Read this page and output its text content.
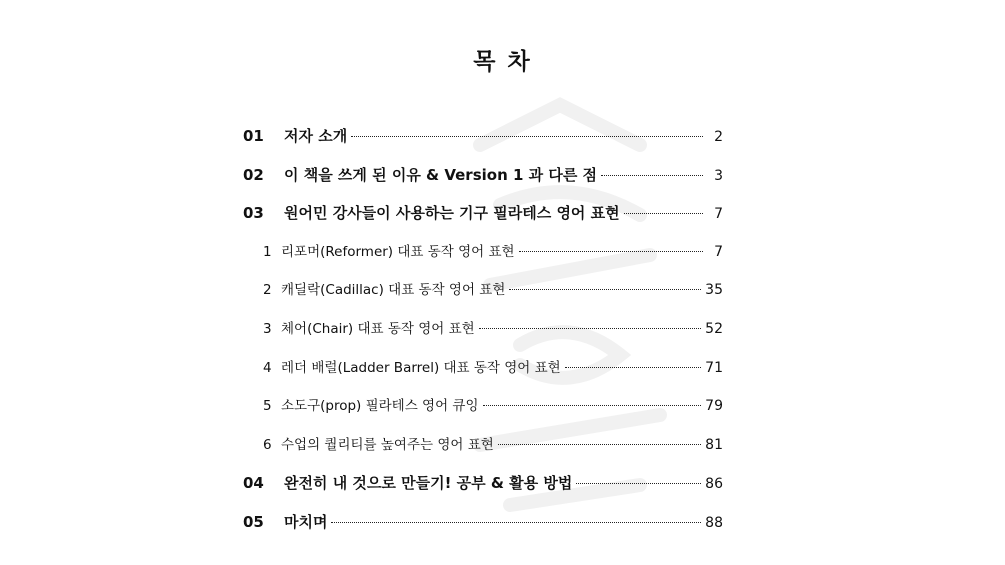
목 차
01	저자 소개	2
02	이 책을 쓰게 된 이유 & Version 1 과 다른 점	3
03	원어민 강사들이 사용하는 기구 필라테스 영어 표현	7
1 리포머(Reformer) 대표 동작 영어 표현	7
2 캐딜락(Cadillac) 대표 동작 영어 표현	35
3 체어(Chair) 대표 동작 영어 표현	52
4 레더 배럴(Ladder Barrel) 대표 동작 영어 표현	71
5 소도구(prop) 필라테스 영어 큐잉	79
6 수업의 퀄리티를 높여주는 영어 표현	81
04	완전히 내 것으로 만들기! 공부 & 활용 방법	86
05	마치며	88
